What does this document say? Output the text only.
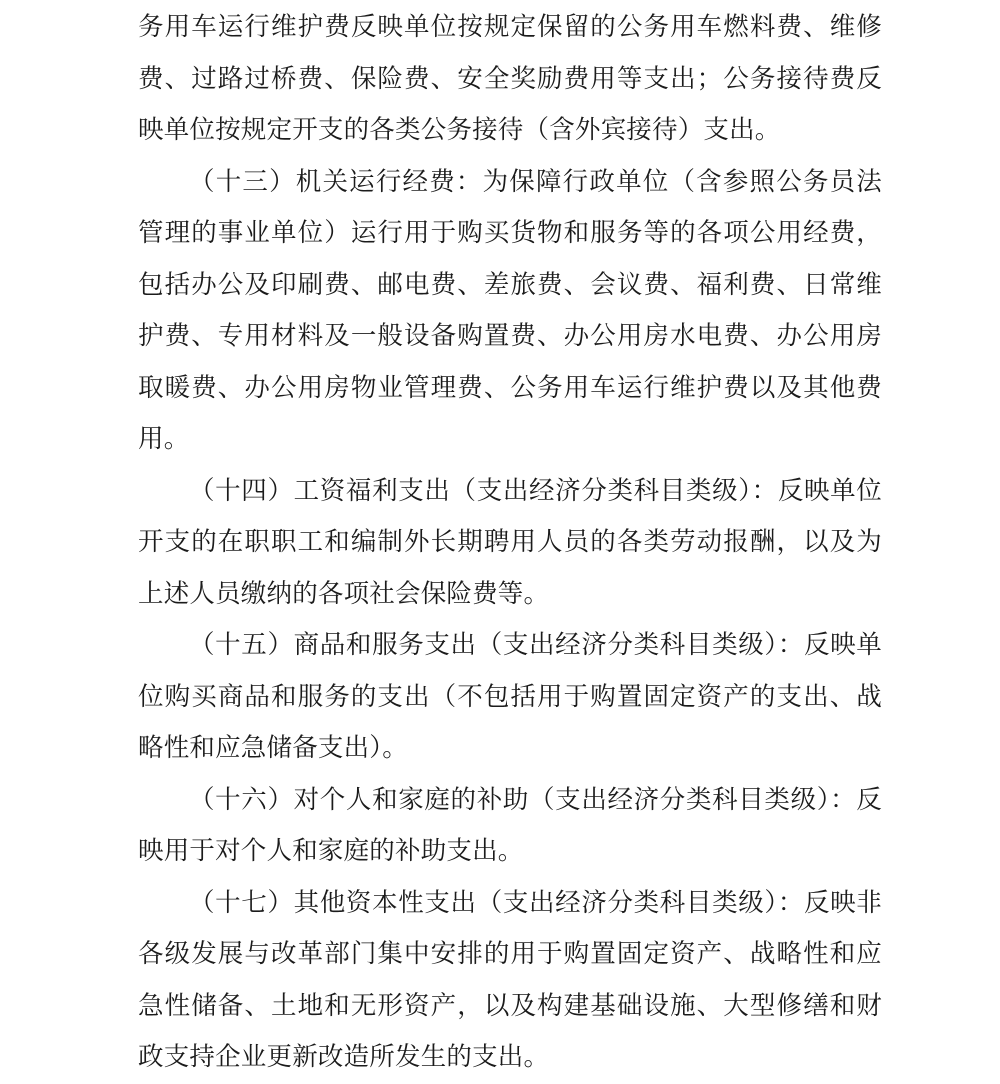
务用车运行维护费反映单位按规定保留的公务用车燃料费、维修费、过路过桥费、保险费、安全奖励费用等支出；公务接待费反映单位按规定开支的各类公务接待（含外宾接待）支出。

（十三）机关运行经费：为保障行政单位（含参照公务员法管理的事业单位）运行用于购买货物和服务等的各项公用经费，包括办公及印刷费、邮电费、差旅费、会议费、福利费、日常维护费、专用材料及一般设备购置费、办公用房水电费、办公用房取暖费、办公用房物业管理费、公务用车运行维护费以及其他费用。

（十四）工资福利支出（支出经济分类科目类级）：反映单位开支的在职职工和编制外长期聘用人员的各类劳动报酬，以及为上述人员缴纳的各项社会保险费等。

（十五）商品和服务支出（支出经济分类科目类级）：反映单位购买商品和服务的支出（不包括用于购置固定资产的支出、战略性和应急储备支出）。

（十六）对个人和家庭的补助（支出经济分类科目类级）：反映用于对个人和家庭的补助支出。

（十七）其他资本性支出（支出经济分类科目类级）：反映非各级发展与改革部门集中安排的用于购置固定资产、战略性和应急性储备、土地和无形资产，以及构建基础设施、大型修缮和财政支持企业更新改造所发生的支出。
